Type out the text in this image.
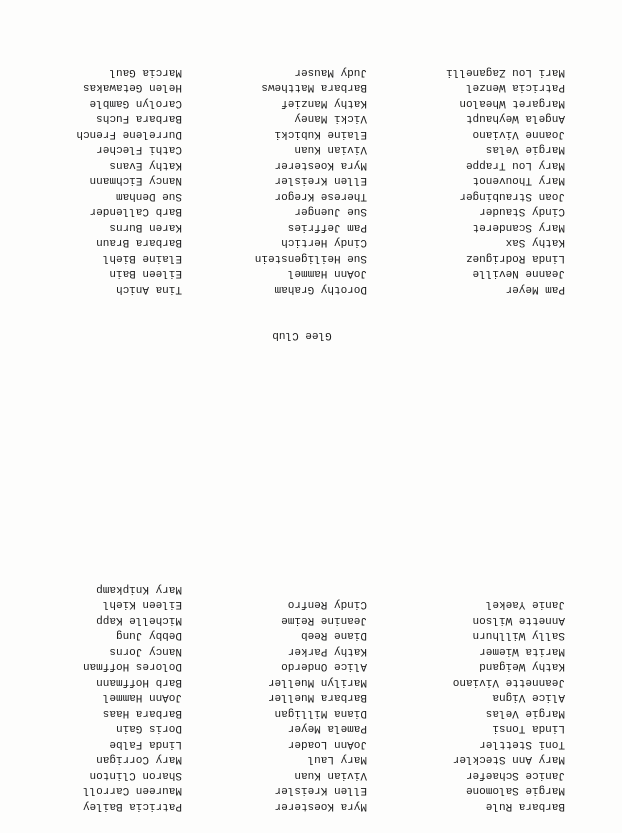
Patricia Bailey
Maureen Carroll
Sharon Clinton
Mary Corrigan
Linda Falbe
Doris Gain
Barbara Haas
JoAnn Hammel
Barb Hoffmann
Dolores Hoffman
Nancy Jorns
Debby Jung
Michelle Kapp
Eileen Kiehl
Mary Knipkamp
Myra Koesterer
Ellen Kreisler
Vivian Kuan
Mary Laul
JoAnn Loader
Pamela Meyer
Diana Milligan
Barbara Mueller
Marilyn Mueller
Alice Onderdo
Kathy Parker
Diane Reeb
Jeanine Reime
Cindy Renfro
Barbara Rule
Margie Salomone
Janice Schaefer
Mary Ann Steckler
Toni Stettler
Linda Tonsi
Margie Velas
Alice Vigna
Jeannette Viviano
Kathy Weigand
Marita Wiemer
Sally Willhurn
Annette Wilson
Janie Yaekel
Glee Club
Tina Anich
Eileen Bain
Elaine Biehl
Barbara Braun
Karen Burns
Barb Callender
Sue Denham
Nancy Eichmann
Kathy Evans
Cathi Flecher
Durrelene French
Barbara Fuchs
Carolyn Gamble
Helen Getawakas
Marcia Gaul
Dorothy Graham
JoAnn Hammel
Sue Heiligenstein
Cindy Hertich
Pam Jeffries
Sue Juenger
Therese Kregor
Ellen Kreisler
Myra Koesterer
Vivian Kuan
Elaine Kubicki
Vicki Maney
Kathy Manzief
Barbara Matthews
Judy Mauser
Pam Meyer
Jeanne Neville
Linda Rodriguez
Kathy Sax
Mary Scanderet
Cindy Stauder
Joan Straubinger
Mary Thouvenot
Mary Lou Trappe
Margie Velas
Joanne Viviano
Angela Weyhaupt
Margaret Whealon
Patricia Wenzel
Mari Lou Zaganelli
